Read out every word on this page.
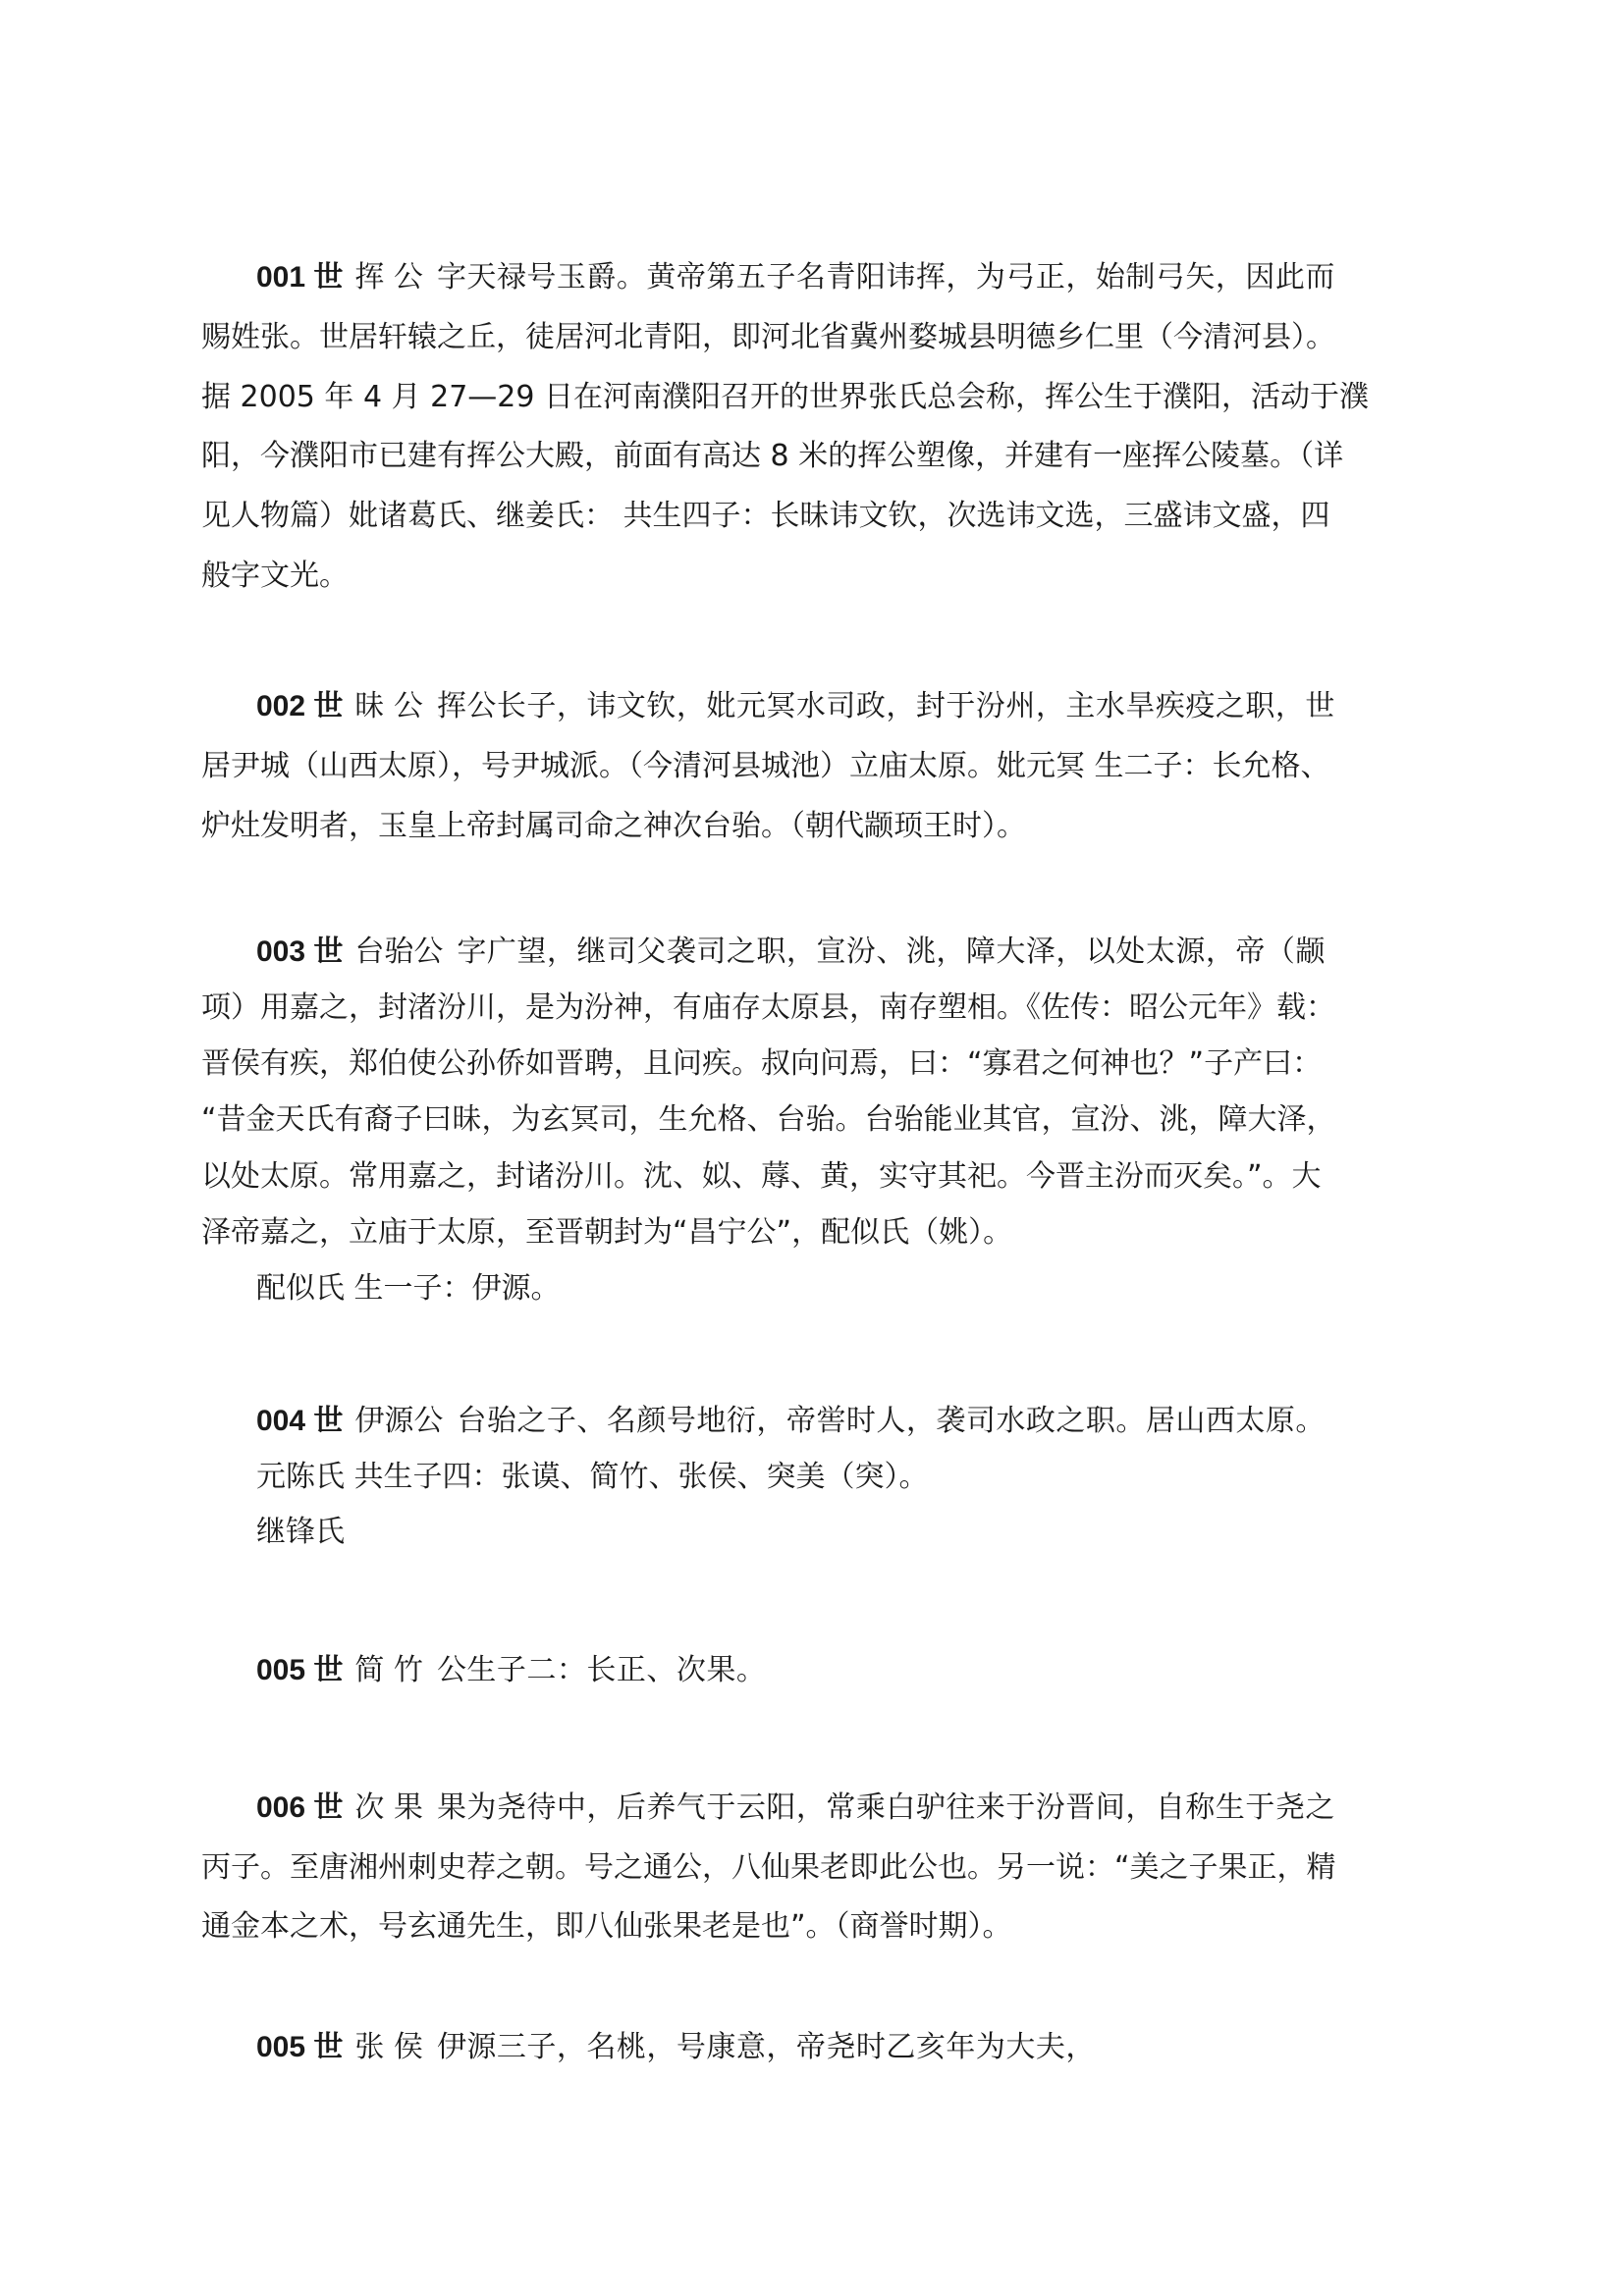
001 世 挥 公 字天禄号玉爵。黄帝第五子名青阳讳挥，为弓正，始制弓矢，因此而
赐姓张。世居轩辕之丘，徒居河北青阳，即河北省冀州婺城县明德乡仁里（今清河县）。
据 2005 年 4 月 27—29 日在河南濮阳召开的世界张氏总会称，挥公生于濮阳，活动于濮
阳，今濮阳市已建有挥公大殿，前面有高达 8 米的挥公塑像，并建有一座挥公陵墓。（详
见人物篇）妣诸葛氏、继姜氏： 共生四子：长昧讳文钦，次选讳文选，三盛讳文盛，四
般字文光。
002 世 昧 公 挥公长子，讳文钦，妣元冥水司政，封于汾州，主水旱疾疫之职，世
居尹城（山西太原），号尹城派。（今清河县城池）立庙太原。妣元冥 生二子：长允格、
炉灶发明者，玉皇上帝封属司命之神次台骀。（朝代颛顼王时）。
003 世 台骀公 字广望，继司父袭司之职，宣汾、洮，障大泽，以处太源，帝（颛
项）用嘉之，封渚汾川，是为汾神，有庙存太原县，南存塑相。《佐传：昭公元年》载：
晋侯有疾，郑伯使公孙侨如晋聘，且问疾。叔向问焉，曰：“寡君之何神也？”子产曰：
“昔金天氏有裔子曰昧，为玄冥司，生允格、台骀。台骀能业其官，宣汾、洮，障大泽，
以处太原。常用嘉之，封诸汾川。沈、姒、蓐、黄，实守其祀。今晋主汾而灭矣。”。大
泽帝嘉之，立庙于太原，至晋朝封为“昌宁公”，配似氏（姚）。
配似氏 生一子：伊源。
004 世 伊源公 台骀之子、名颜号地衍，帝喾时人，袭司水政之职。居山西太原。
元陈氏 共生子四：张谟、简竹、张侯、突美（突）。
继锋氏
005 世 简 竹 公生子二：长正、次果。
006 世 次 果 果为尧待中，后养气于云阳，常乘白驴往来于汾晋间，自称生于尧之
丙子。至唐湘州刺史荐之朝。号之通公，八仙果老即此公也。另一说：“美之子果正，精
通金本之术，号玄通先生，即八仙张果老是也”。（商誉时期）。
005 世 张 侯 伊源三子，名桃，号康意，帝尧时乙亥年为大夫，
